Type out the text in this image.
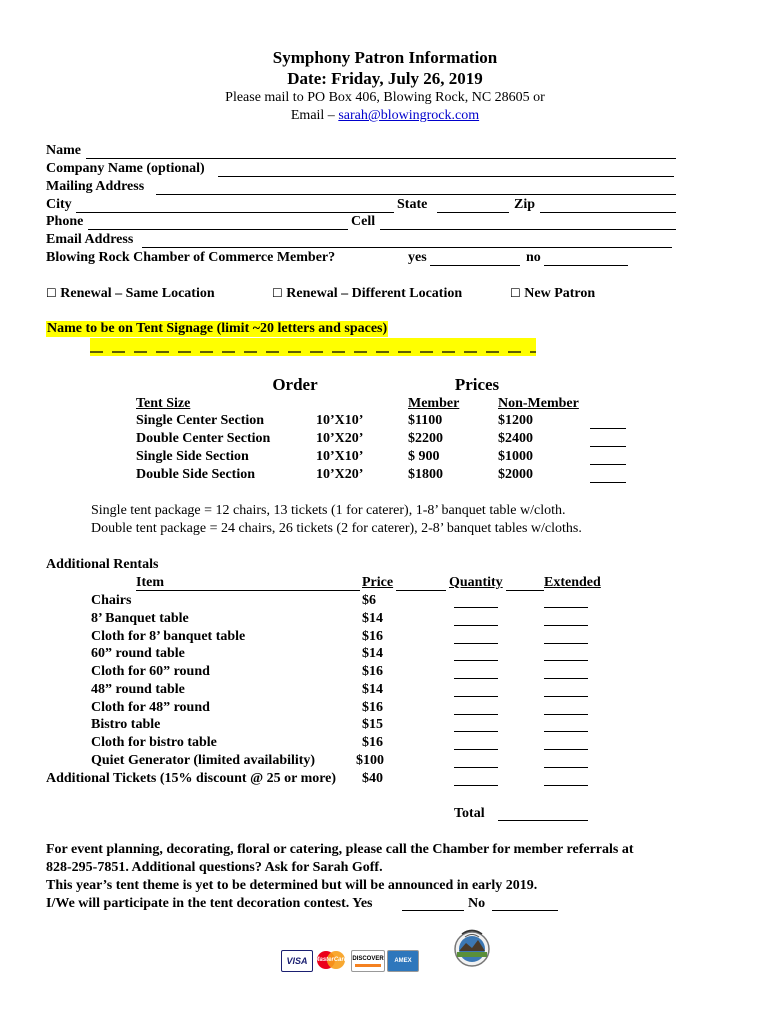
Symphony Patron Information
Date: Friday, July 26, 2019
Please mail to PO Box 406, Blowing Rock, NC 28605 or
Email – sarah@blowingrock.com
Name
Company Name (optional)
Mailing Address
City	State	Zip
Phone	Cell
Email Address
Blowing Rock Chamber of Commerce Member?	yes	no
☐ Renewal – Same Location	☐ Renewal – Different Location	☐ New Patron
Name to be on Tent Signage (limit ~20 letters and spaces)
Order	Prices
Tent Size	Member	Non-Member
Single Center Section	10’X10’	$1100	$1200
Double Center Section	10’X20’	$2200	$2400
Single Side Section	10’X10’	$ 900	$1000
Double Side Section	10’X20’	$1800	$2000
Single tent package = 12 chairs, 13 tickets (1 for caterer), 1-8’ banquet table w/cloth.
Double tent package = 24 chairs, 26 tickets (2 for caterer), 2-8’ banquet tables w/cloths.
Additional Rentals
Item	Price	Quantity	Extended
Chairs	$6
8’ Banquet table	$14
Cloth for 8’ banquet table	$16
60” round table	$14
Cloth for 60” round	$16
48” round table	$14
Cloth for 48” round	$16
Bistro table	$15
Cloth for bistro table	$16
Quiet Generator (limited availability)	$100
Additional Tickets (15% discount @ 25 or more) $40
Total
For event planning, decorating, floral or catering, please call the Chamber for member referrals at
828-295-7851. Additional questions? Ask for Sarah Goff.
This year’s tent theme is yet to be determined but will be announced in early 2019.
I/We will participate in the tent decoration contest. Yes	No
VISA MasterCard DISCOVER AMEX
